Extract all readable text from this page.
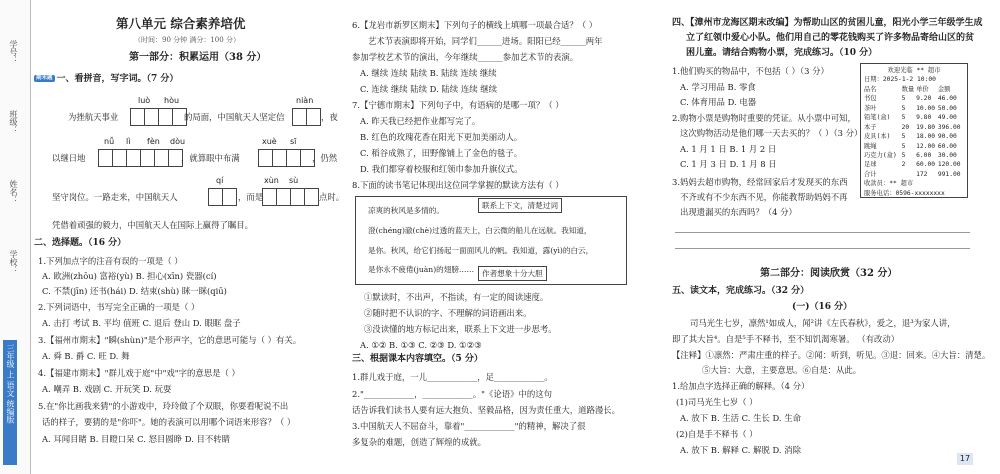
学号：
班级：
姓名：
学校：
三年级 上 语文 统编版
第八单元 综合素养培优
（时间：90 分钟 满分：100 分）
第一部分：积累运用（38 分）
期末题 一、看拼音，写字词。（7 分）
luò hòu	niàn
为挫航天事业	的局面，中国航天人坚定信	，夜
nǚ lì fèn dòu	xuè sī
以继日地	，就算眼中布满	，仍然
qí	xùn sù
坚守岗位。一路走来，中国航天人	，而是	点时。
凭借着顽强的毅力，中国航天人在国际上赢得了瞩目。
二、选择题。（16 分）
1.下列加点字的注音有误的一项是（ ）
A. 欧洲(zhōu) 富裕(yù) B. 担心(xīn) 瓷器(cí)
C. 不禁(jīn) 还书(hái) D. 结束(shù) 眯一眯(qiū)
2.下列词语中，书写完全正确的一项是（ ）
A. 击打 考试 B. 平均 值班 C. 退后 登山 D. 眼眶 盘子
3.【福州市期末】"瞬(shùn)"是个形声字，它的意思可能与（ ）有关。
A. 舜 B. 爵 C. 旺 D. 舞
4.【福建市期末】"群儿戏于庭"中"戏"字的意思是（ ）
A. 嘲弄 B. 戏剧 C. 开玩笑 D. 玩耍
5.在"你比画我来猜"的小游戏中，玲玲做了个双眼，你要看呢说不出
话的样子，要猜的是"你吓"。她的表演可以用哪个词语来形容？（ ）
A. 耳闻目睹 B. 目瞪口呆 C. 怒目圆睁 D. 目不转睛
6.【龙岩市新罗区期末】下列句子的横线上填哪一项最合适？（ ）
艺术节表演即将开始，同学们______进场。阳阳已经______两年
参加学校艺术节的演出，今年继续______参加艺术节的表演。
A. 继续 连续 陆续 B. 陆续 连续 继续
C. 连续 继续 陆续 D. 陆续 连续 继续
7.【宁德市期末】下列句子中，有语病的是哪一项？（ ）
A. 昨天我已经把作业都写完了。
B. 红色的玫瑰花香在阳光下更加美丽动人。
C. 稻谷成熟了，田野像铺上了金色的毯子。
D. 我们都穿着校服和红领巾参加升旗仪式。
8.下面的读书笔记体现出这位同学掌握的默读方法有（ ）
凉爽的秋风是多情的。
澄(chéng)澈(chè)过透的蓝天上，白云微的船儿在远航。我知道，
是你。秋风，给它们扬起一面面风儿的帆。我知道，露(yì)的白云，
是你永不疲倦(juàn)的翅膀……
联系上下文，清楚过词
作者想象十分大胆
①默读时，不出声，不指读，有一定的阅读速度。
②随时把不认识的字、不理解的词语画出来。
③没读懂的地方标记出来，联系上下文进一步思考。
A. ①② B. ①③ C. ②③ D. ①②③
三、根据课本内容填空。（5 分）
1.群儿戏于庭，一儿____________，足____________。
2."____________，____________。"《论语》中的这句
话告诉我们读书人要有远大抱负、坚毅品格，因为责任重大，道路漫长。
3.中国航天人不屈奋斗，靠着"____________"的精神，解决了很
多复杂的难题，创造了辉煌的成就。
四、【漳州市龙海区期末改编】为帮助山区的贫困儿童，阳光小学三年级学生成
立了红领巾爱心小队。他们用自己的零花钱购买了许多物品寄给山区的贫
困儿童。请结合购物小票，完成练习。（10 分）
1.他们购买的物品中，不包括（ ）（3 分）
A. 学习用品 B. 零食
C. 体育用品 D. 电器
2.购物小票是购物时重要的凭证。从小票中可知，
这次购物活动是他们哪一天去买的？（ ）（3 分）
A. 1 月 1 日 B. 1 月 2 日
C. 1 月 3 日 D. 1 月 8 日
3.妈妈去超市购物，经常回家后才发现买的东西
不齐或有不少东西不见，你能教帮助妈妈不再
出现遗漏买的东西吗？（4 分）
第二部分：阅读欣赏（32 分）
五、读文本，完成练习。（32 分）
(一)（16 分）
司马光生七岁，凛然¹如成人，闻²讲《左氏春秋》，爱之，退³为家人讲，
即了其大旨⁴。自是⁵手不释书，至不知饥渴寒暑。 （有改动）
【注释】①凛然：严肃庄重的样子。②闻：听到，听见。③退：回来。④大旨：清楚。
⑤大旨：大意，主要意思。⑥自是：从此。
1.给加点字选择正确的解释。（4 分）
(1)司马光生七岁（ ）
A. 放下 B. 生活 C. 生长 D. 生命
(2)自是手不释书（ ）
A. 放下 B. 解释 C. 解脱 D. 消除
欢迎光临 ** 超市
日期：2025-1-2 10:00
品名	数量	单价	金额
书包	5	9.20	46.00
茶叶	5	10.00	50.00
铅笔(盒)	5	9.80	49.00
本子	20	19.80	396.00
皮具(本)	5	18.00	90.00
跳绳	5	12.00	60.00
巧克力(盒)	5	6.00	30.00
足球	2	60.00	120.00
合计		172	991.00
收款员：** 超市
服务电话：0596-xxxxxxxx
17
